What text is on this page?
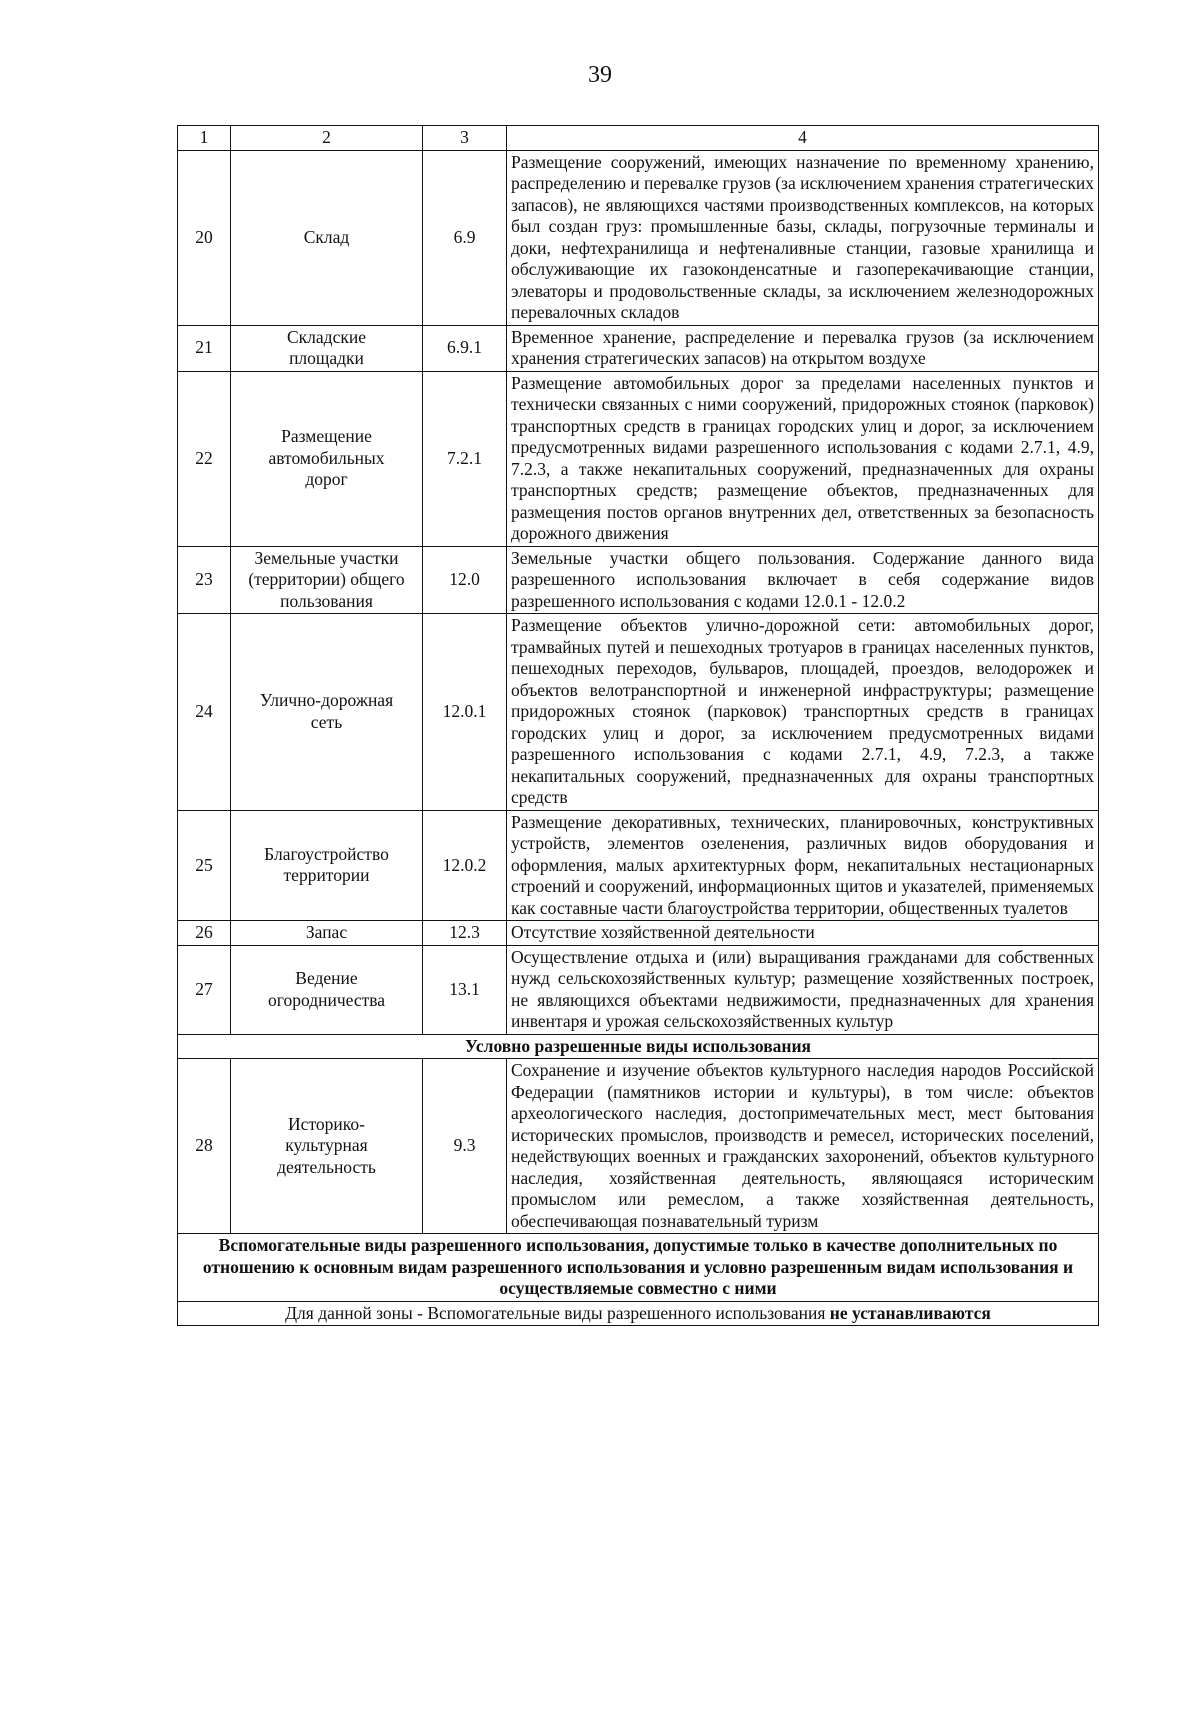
39
1	2	3	4
20	Склад	6.9	Размещение сооружений, имеющих назначение по временному хранению, распределению и перевалке грузов (за исключением хранения стратегических запасов), не являющихся частями производственных комплексов, на которых был создан груз: промышленные базы, склады, погрузочные терминалы и доки, нефтехранилища и нефтеналивные станции, газовые хранилища и обслуживающие их газоконденсатные и газоперекачивающие станции, элеваторы и продовольственные склады, за исключением железнодорожных перевалочных складов
21	Складские площадки	6.9.1	Временное хранение, распределение и перевалка грузов (за исключением хранения стратегических запасов) на открытом воздухе
22	Размещение автомобильных дорог	7.2.1	Размещение автомобильных дорог за пределами населенных пунктов и технически связанных с ними сооружений, придорожных стоянок (парковок) транспортных средств в границах городских улиц и дорог, за исключением предусмотренных видами разрешенного использования с кодами 2.7.1, 4.9, 7.2.3, а также некапитальных сооружений, предназначенных для охраны транспортных средств; размещение объектов, предназначенных для размещения постов органов внутренних дел, ответственных за безопасность дорожного движения
23	Земельные участки (территории) общего пользования	12.0	Земельные участки общего пользования. Содержание данного вида разрешенного использования включает в себя содержание видов разрешенного использования с кодами 12.0.1 - 12.0.2
24	Улично-дорожная сеть	12.0.1	Размещение объектов улично-дорожной сети: автомобильных дорог, трамвайных путей и пешеходных тротуаров в границах населенных пунктов, пешеходных переходов, бульваров, площадей, проездов, велодорожек и объектов велотранспортной и инженерной инфраструктуры; размещение придорожных стоянок (парковок) транспортных средств в границах городских улиц и дорог, за исключением предусмотренных видами разрешенного использования с кодами 2.7.1, 4.9, 7.2.3, а также некапитальных сооружений, предназначенных для охраны транспортных средств
25	Благоустройство территории	12.0.2	Размещение декоративных, технических, планировочных, конструктивных устройств, элементов озеленения, различных видов оборудования и оформления, малых архитектурных форм, некапитальных нестационарных строений и сооружений, информационных щитов и указателей, применяемых как составные части благоустройства территории, общественных туалетов
26	Запас	12.3	Отсутствие хозяйственной деятельности
27	Ведение огородничества	13.1	Осуществление отдыха и (или) выращивания гражданами для собственных нужд сельскохозяйственных культур; размещение хозяйственных построек, не являющихся объектами недвижимости, предназначенных для хранения инвентаря и урожая сельскохозяйственных культур
Условно разрешенные виды использования			
28	Историко-культурная деятельность	9.3	Сохранение и изучение объектов культурного наследия народов Российской Федерации (памятников истории и культуры), в том числе: объектов археологического наследия, достопримечательных мест, мест бытования исторических промыслов, производств и ремесел, исторических поселений, недействующих военных и гражданских захоронений, объектов культурного наследия, хозяйственная деятельность, являющаяся историческим промыслом или ремеслом, а также хозяйственная деятельность, обеспечивающая познавательный туризм
Вспомогательные виды разрешенного использования, допустимые только в качестве дополнительных по отношению к основным видам разрешенного использования и условно разрешенным видам использования и осуществляемые совместно с ними			
Для данной зоны - Вспомогательные виды разрешенного использования не устанавливаются			
